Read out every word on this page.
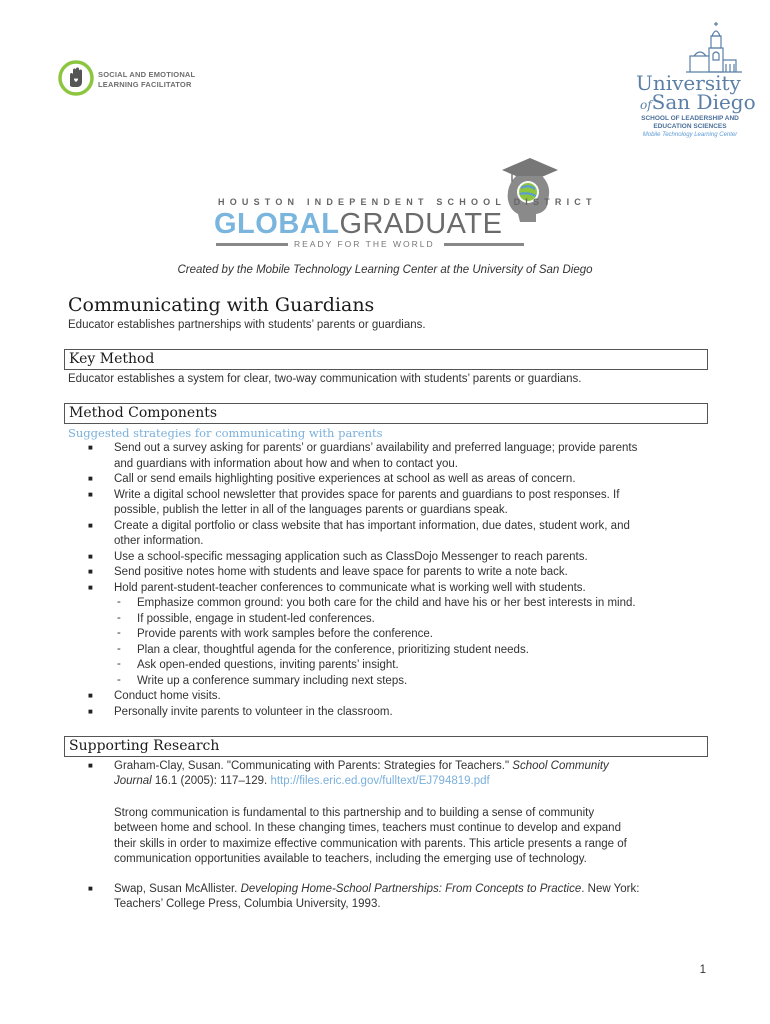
SOCIAL AND EMOTIONAL
LEARNING FACILITATOR	University
ofSan Diego
SCHOOL OF LEADERSHIP AND
EDUCATION SCIENCES
Mobile Technology Learning Center
HOUSTON INDEPENDENT SCHOOL DISTRICT
GLOBALGRADUATE
READY FOR THE WORLD
Created by the Mobile Technology Learning Center at the University of San Diego
Communicating with Guardians
Educator establishes partnerships with students’ parents or guardians.
Key Method
Educator establishes a system for clear, two-way communication with students’ parents or guardians.
Method Components
Suggested strategies for communicating with parents
■ Send out a survey asking for parents’ or guardians’ availability and preferred language; provide parents
and guardians with information about how and when to contact you.
■ Call or send emails highlighting positive experiences at school as well as areas of concern.
■ Write a digital school newsletter that provides space for parents and guardians to post responses. If
possible, publish the letter in all of the languages parents or guardians speak.
■ Create a digital portfolio or class website that has important information, due dates, student work, and
other information.
■ Use a school-specific messaging application such as ClassDojo Messenger to reach parents.
■ Send positive notes home with students and leave space for parents to write a note back.
■ Hold parent-student-teacher conferences to communicate what is working well with students.
- Emphasize common ground: you both care for the child and have his or her best interests in mind.
- If possible, engage in student-led conferences.
- Provide parents with work samples before the conference.
- Plan a clear, thoughtful agenda for the conference, prioritizing student needs.
- Ask open-ended questions, inviting parents’ insight.
- Write up a conference summary including next steps.
■ Conduct home visits.
■ Personally invite parents to volunteer in the classroom.
Supporting Research
■ Graham-Clay, Susan. "Communicating with Parents: Strategies for Teachers." School Community
Journal 16.1 (2005): 117–129. http://files.eric.ed.gov/fulltext/EJ794819.pdf
Strong communication is fundamental to this partnership and to building a sense of community
between home and school. In these changing times, teachers must continue to develop and expand
their skills in order to maximize effective communication with parents. This article presents a range of
communication opportunities available to teachers, including the emerging use of technology.
■ Swap, Susan McAllister. Developing Home-School Partnerships: From Concepts to Practice. New York:
Teachers’ College Press, Columbia University, 1993.
1
